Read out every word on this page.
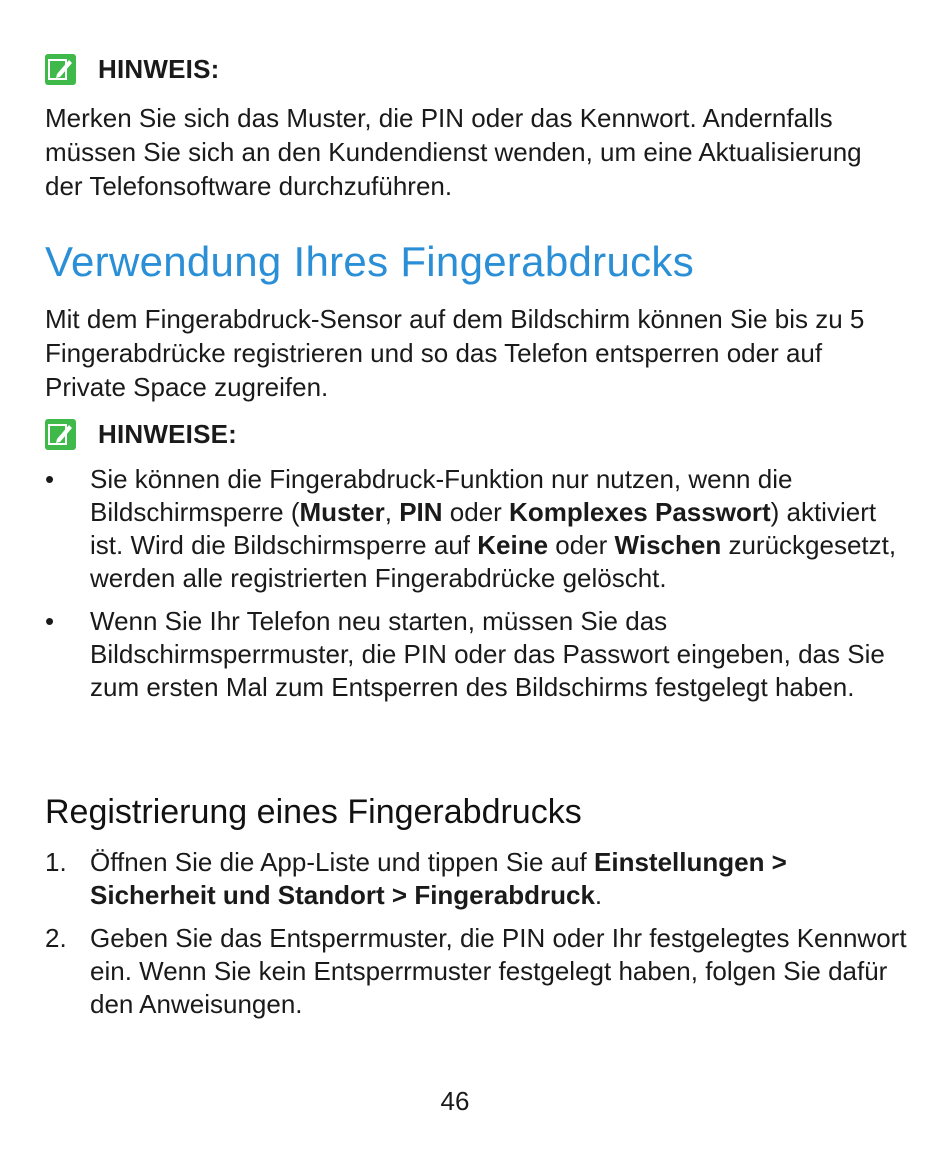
HINWEIS:

Merken Sie sich das Muster, die PIN oder das Kennwort. Andernfalls müssen Sie sich an den Kundendienst wenden, um eine Aktualisierung der Telefonsoftware durchzuführen.

Verwendung Ihres Fingerabdrucks

Mit dem Fingerabdruck-Sensor auf dem Bildschirm können Sie bis zu 5 Fingerabdrücke registrieren und so das Telefon entsperren oder auf Private Space zugreifen.

HINWEISE:
• Sie können die Fingerabdruck-Funktion nur nutzen, wenn die Bildschirmsperre (Muster, PIN oder Komplexes Passwort) aktiviert ist. Wird die Bildschirmsperre auf Keine oder Wischen zurückgesetzt, werden alle registrierten Fingerabdrücke gelöscht.
• Wenn Sie Ihr Telefon neu starten, müssen Sie das Bildschirmsperrmuster, die PIN oder das Passwort eingeben, das Sie zum ersten Mal zum Entsperren des Bildschirms festgelegt haben.
Registrierung eines Fingerabdrucks
1. Öffnen Sie die App-Liste und tippen Sie auf Einstellungen > Sicherheit und Standort > Fingerabdruck.
2. Geben Sie das Entsperrmuster, die PIN oder Ihr festgelegtes Kennwort ein. Wenn Sie kein Entsperrmuster festgelegt haben, folgen Sie dafür den Anweisungen.
46
